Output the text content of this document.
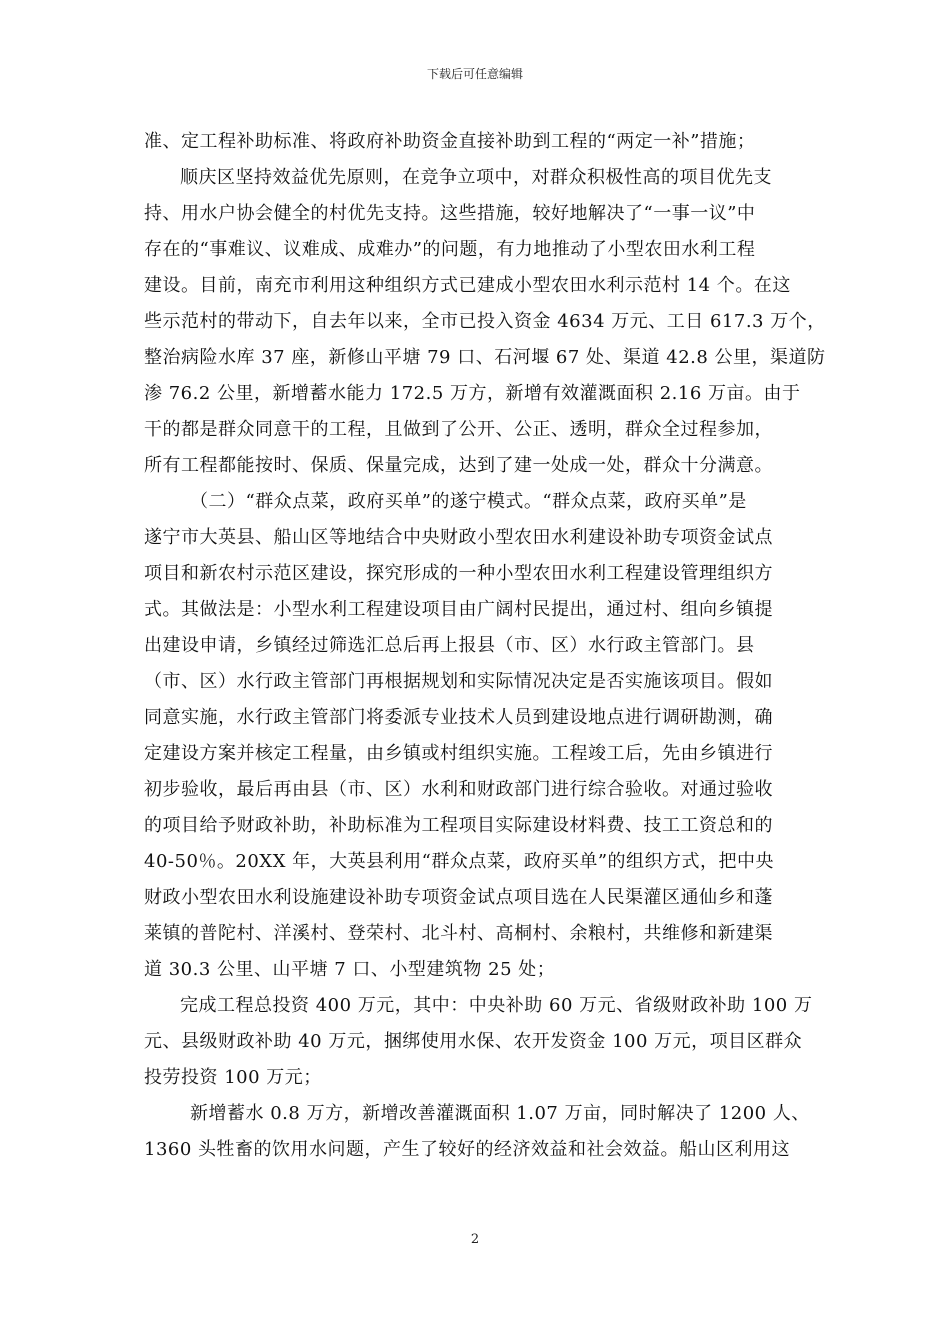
下载后可任意编辑
准、定工程补助标准、将政府补助资金直接补助到工程的“两定一补”措施；
顺庆区坚持效益优先原则，在竞争立项中，对群众积极性高的项目优先支
持、用水户协会健全的村优先支持。这些措施，较好地解决了“一事一议”中
存在的“事难议、议难成、成难办”的问题，有力地推动了小型农田水利工程
建设。目前，南充市利用这种组织方式已建成小型农田水利示范村 14 个。在这
些示范村的带动下，自去年以来，全市已投入资金 4634 万元、工日 617.3 万个，
整治病险水库 37 座，新修山平塘 79 口、石河堰 67 处、渠道 42.8 公里，渠道防
渗 76.2 公里，新增蓄水能力 172.5 万方，新增有效灌溉面积 2.16 万亩。由于
干的都是群众同意干的工程，且做到了公开、公正、透明，群众全过程参加，
所有工程都能按时、保质、保量完成，达到了建一处成一处，群众十分满意。
（二）“群众点菜，政府买单”的遂宁模式。“群众点菜，政府买单”是
遂宁市大英县、船山区等地结合中央财政小型农田水利建设补助专项资金试点
项目和新农村示范区建设，探究形成的一种小型农田水利工程建设管理组织方
式。其做法是：小型水利工程建设项目由广阔村民提出，通过村、组向乡镇提
出建设申请，乡镇经过筛选汇总后再上报县（市、区）水行政主管部门。县
（市、区）水行政主管部门再根据规划和实际情况决定是否实施该项目。假如
同意实施，水行政主管部门将委派专业技术人员到建设地点进行调研勘测，确
定建设方案并核定工程量，由乡镇或村组织实施。工程竣工后，先由乡镇进行
初步验收，最后再由县（市、区）水利和财政部门进行综合验收。对通过验收
的项目给予财政补助，补助标准为工程项目实际建设材料费、技工工资总和的
40-50％。20XX 年，大英县利用“群众点菜，政府买单”的组织方式，把中央
财政小型农田水利设施建设补助专项资金试点项目选在人民渠灌区通仙乡和蓬
莱镇的普陀村、洋溪村、登荣村、北斗村、高桐村、余粮村，共维修和新建渠
道 30.3 公里、山平塘 7 口、小型建筑物 25 处；
完成工程总投资 400 万元，其中：中央补助 60 万元、省级财政补助 100 万
元、县级财政补助 40 万元，捆绑使用水保、农开发资金 100 万元，项目区群众
投劳投资 100 万元；
新增蓄水 0.8 万方，新增改善灌溉面积 1.07 万亩，同时解决了 1200 人、
1360 头牲畜的饮用水问题，产生了较好的经济效益和社会效益。船山区利用这
2
